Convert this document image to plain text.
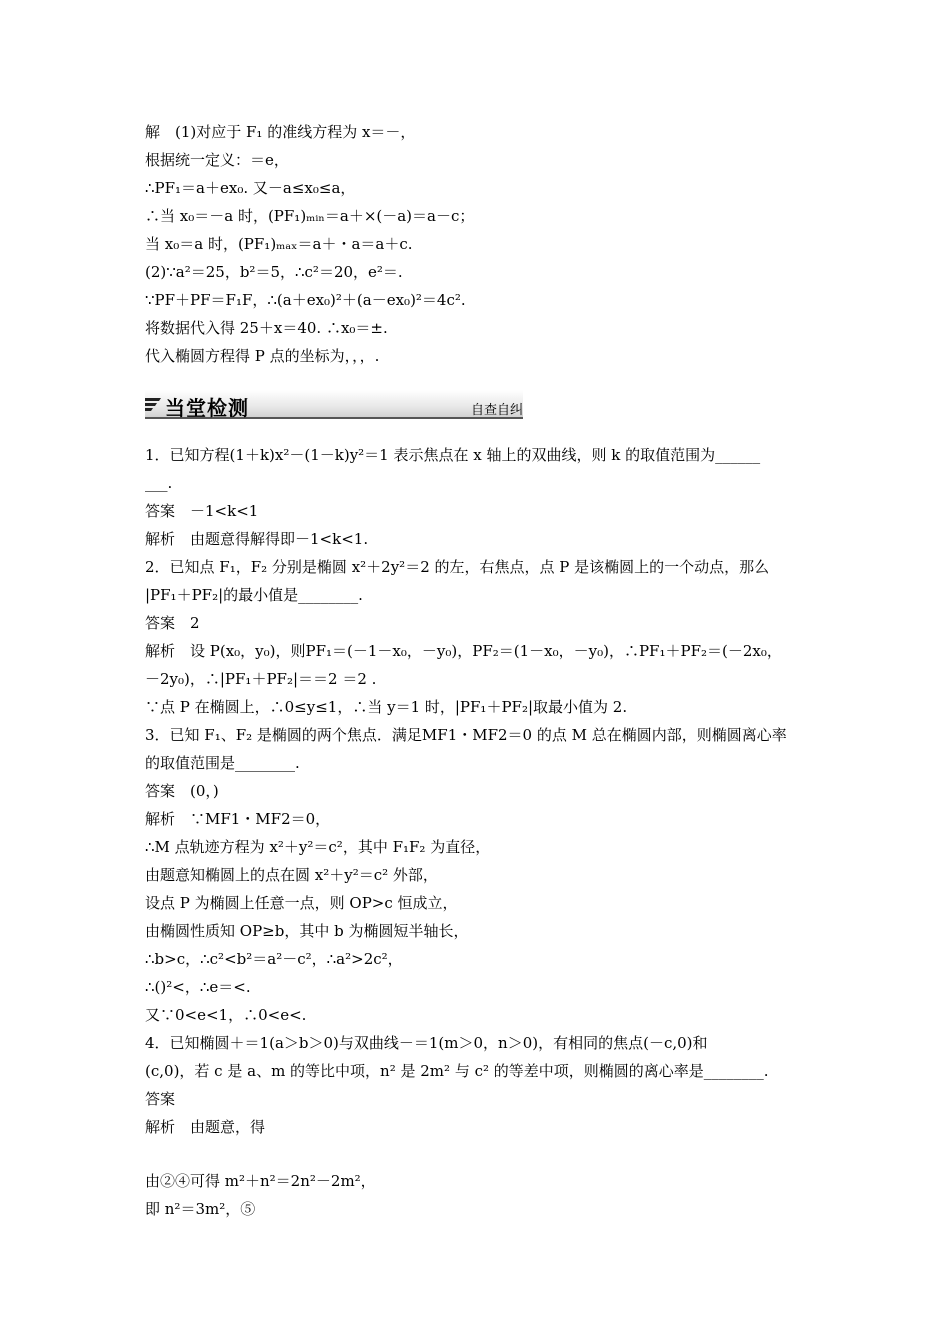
解　(1)对应于 F₁ 的准线方程为 x＝－，
根据统一定义：＝e，
∴PF₁＝a＋ex₀. 又－a≤x₀≤a，
∴当 x₀＝－a 时，(PF₁)ₘᵢₙ＝a＋×(－a)＝a－c；
当 x₀＝a 时，(PF₁)ₘₐₓ＝a＋・a＝a＋c.
(2)∵a²＝25，b²＝5，∴c²＝20，e²＝.
∵PF＋PF＝F₁F，∴(a＋ex₀)²＋(a－ex₀)²＝4c².
将数据代入得 25＋x＝40. ∴x₀＝±.
代入椭圆方程得 P 点的坐标为，，，.
当堂检测	自查自纠
1．已知方程(1＋k)x²－(1－k)y²＝1 表示焦点在 x 轴上的双曲线，则 k 的取值范围为______
___.
答案　－1<k<1
解析　由题意得解得即－1<k<1.
2．已知点 F₁，F₂ 分别是椭圆 x²＋2y²＝2 的左，右焦点，点 P 是该椭圆上的一个动点，那么
|PF₁＋PF₂|的最小值是________.
答案　2
解析　设 P(x₀，y₀)，则PF₁＝(－1－x₀，－y₀)，PF₂＝(1－x₀，－y₀)，∴PF₁＋PF₂＝(－2x₀，
－2y₀)，∴|PF₁＋PF₂|＝＝2 ＝2 .
∵点 P 在椭圆上，∴0≤y≤1，∴当 y＝1 时，|PF₁＋PF₂|取最小值为 2.
3．已知 F₁、F₂ 是椭圆的两个焦点．满足MF1・MF2＝0 的点 M 总在椭圆内部，则椭圆离心率
的取值范围是________.
答案　(0，)
解析　∵MF1・MF2＝0，
∴M 点轨迹方程为 x²＋y²＝c²，其中 F₁F₂ 为直径，
由题意知椭圆上的点在圆 x²＋y²＝c² 外部，
设点 P 为椭圆上任意一点，则 OP>c 恒成立，
由椭圆性质知 OP≥b，其中 b 为椭圆短半轴长，
∴b>c，∴c²<b²＝a²－c²，∴a²>2c²，
∴()²<，∴e＝<.
又∵0<e<1，∴0<e<.
4．已知椭圆＋＝1(a＞b＞0)与双曲线－＝1(m＞0，n＞0)，有相同的焦点(－c,0)和
(c,0)，若 c 是 a、m 的等比中项，n² 是 2m² 与 c² 的等差中项，则椭圆的离心率是________.
答案
解析　由题意，得
由②④可得 m²＋n²＝2n²－2m²，
即 n²＝3m²，⑤
